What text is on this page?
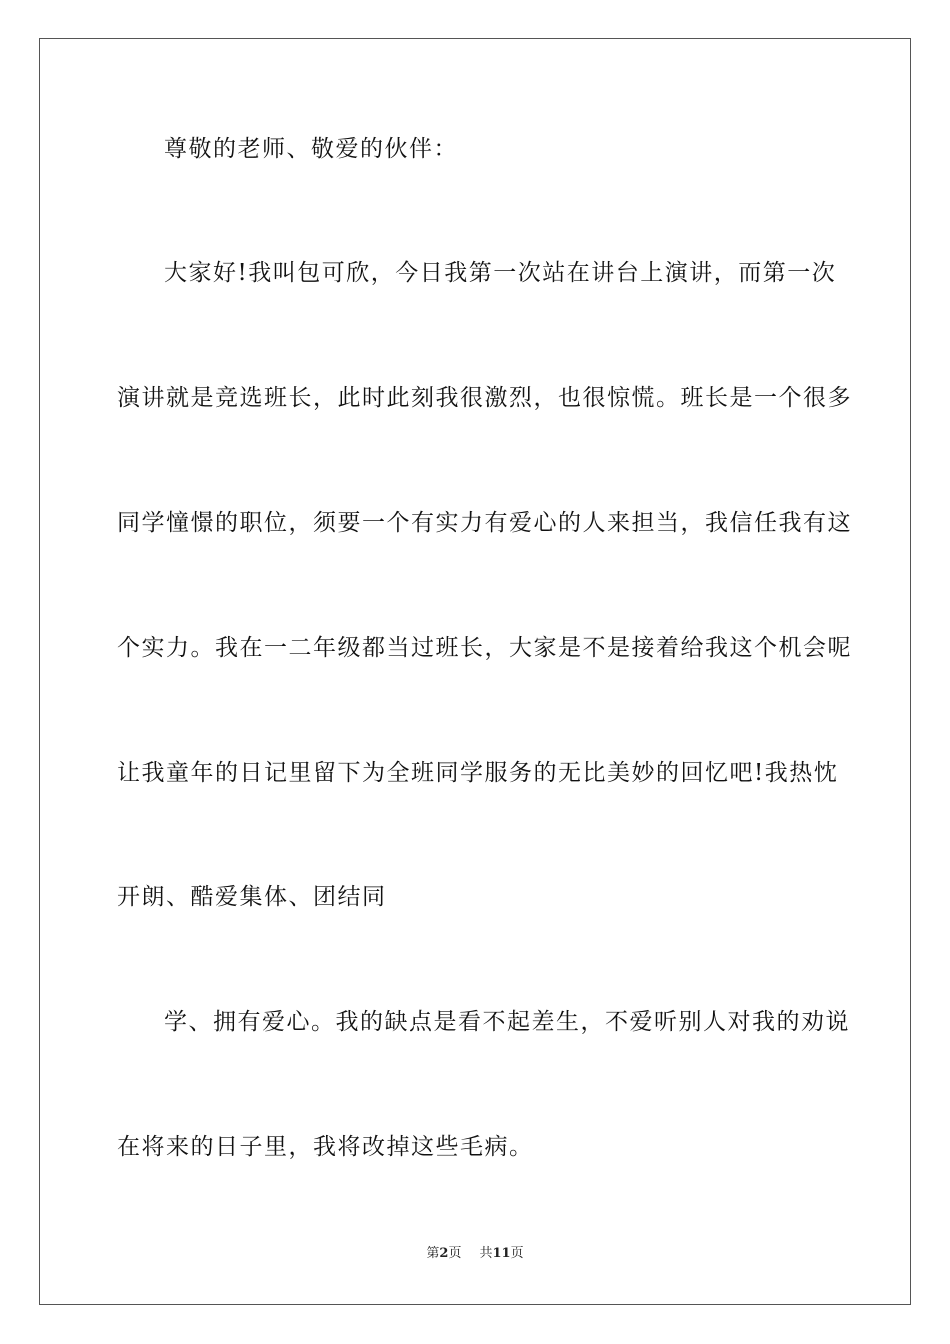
尊敬的老师、敬爱的伙伴：
大家好!我叫包可欣，今日我第一次站在讲台上演讲，而第一次
演讲就是竞选班长，此时此刻我很激烈，也很惊慌。班长是一个很多
同学憧憬的职位，须要一个有实力有爱心的人来担当，我信任我有这
个实力。我在一二年级都当过班长，大家是不是接着给我这个机会呢
让我童年的日记里留下为全班同学服务的无比美妙的回忆吧!我热忱
开朗、酷爱集体、团结同
学、拥有爱心。我的缺点是看不起差生，不爱听别人对我的劝说
在将来的日子里，我将改掉这些毛病。
第2页 共11页
